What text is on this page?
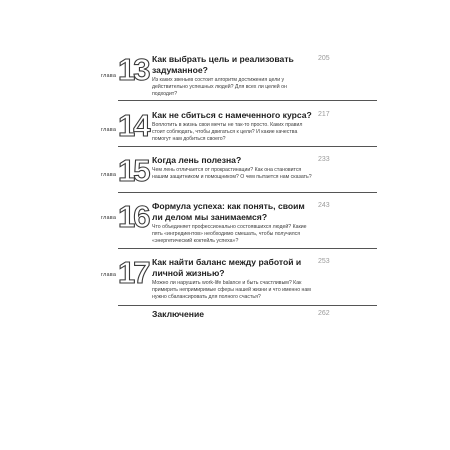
глава 13 Как выбрать цель и реализовать задуманное?
Из каких звеньев состоит алгоритм достижения цели у действительно успешных людей? Для всех ли целей он подходит?
205
глава 14 Как не сбиться с намеченного курса?
Воплотить в жизнь свои мечты не так-то просто. Каких правил стоит соблюдать, чтобы двигаться к цели? И какие качества помогут нам добиться своего?
217
глава 15 Когда лень полезна?
Чем лень отличается от прокрастинации? Как она становится нашим защитником и помощником? О чем пытается нам сказать?
233
глава 16 Формула успеха: как понять, своим ли делом мы занимаемся?
Что объединяет профессионально состоявшихся людей? Какие пять «ингредиентов» необходимо смешать, чтобы получился «энергетический коктейль успеха»?
243
глава 17 Как найти баланс между работой и личной жизнью?
Можно ли нарушить work-life balance и быть счастливым? Как примирить непримиримые сферы нашей жизни и что именно нам нужно сбалансировать для полного счастья?
253
Заключение	262
